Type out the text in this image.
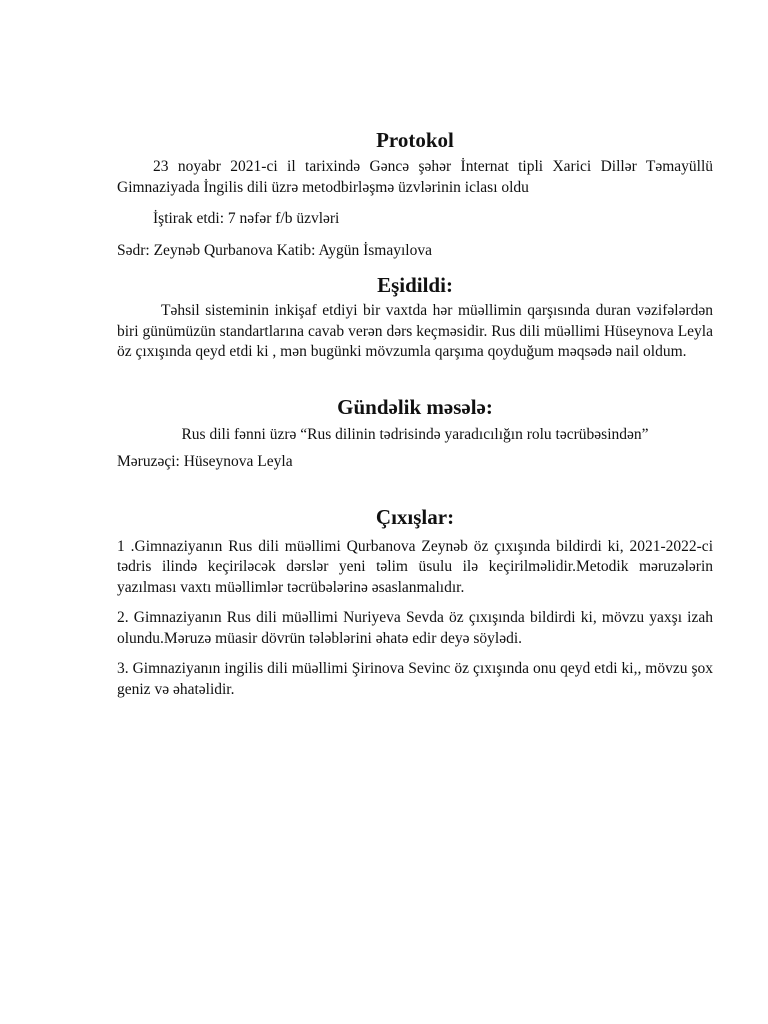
Protokol

23 noyabr 2021-ci il tarixində Gəncə şəhər İnternat tipli Xarici Dillər Təmayüllü Gimnaziyada İngilis dili üzrə metodbirləşmə üzvlərinin iclası oldu

İştirak etdi: 7 nəfər f/b üzvləri

Sədr: Zeynəb Qurbanova Katib: Aygün İsmayılova

Eşidildi:

Təhsil sisteminin inkişaf etdiyi bir vaxtda hər müəllimin qarşısında duran vəzifələrdən biri günümüzün standartlarına cavab verən dərs keçməsidir. Rus dili müəllimi Hüseynova Leyla öz çıxışında qeyd etdi ki , mən bugünki mövzumla qarşıma qoyduğum məqsədə nail oldum.

Gündəlik məsələ:

Rus dili fənni üzrə “Rus dilinin tədrisində yaradıcılığın rolu təcrübəsindən”

Məruzəçi: Hüseynova Leyla

Çıxışlar:

1 .Gimnaziyanın Rus dili müəllimi Qurbanova Zeynəb öz çıxışında bildirdi ki, 2021-2022-ci tədris ilində keçiriləcək dərslər yeni təlim üsulu ilə keçirilməlidir.Metodik məruzələrin yazılması vaxtı müəllimlər təcrübələrinə əsaslanmalıdır.

2. Gimnaziyanın Rus dili müəllimi Nuriyeva Sevda öz çıxışında bildirdi ki, mövzu yaxşı izah olundu.Məruzə müasir dövrün tələblərini əhatə edir deyə söylədi.

3. Gimnaziyanın ingilis dili müəllimi Şirinova Sevinc öz çıxışında onu qeyd etdi ki,, mövzu şox geniz və əhatəlidir.
